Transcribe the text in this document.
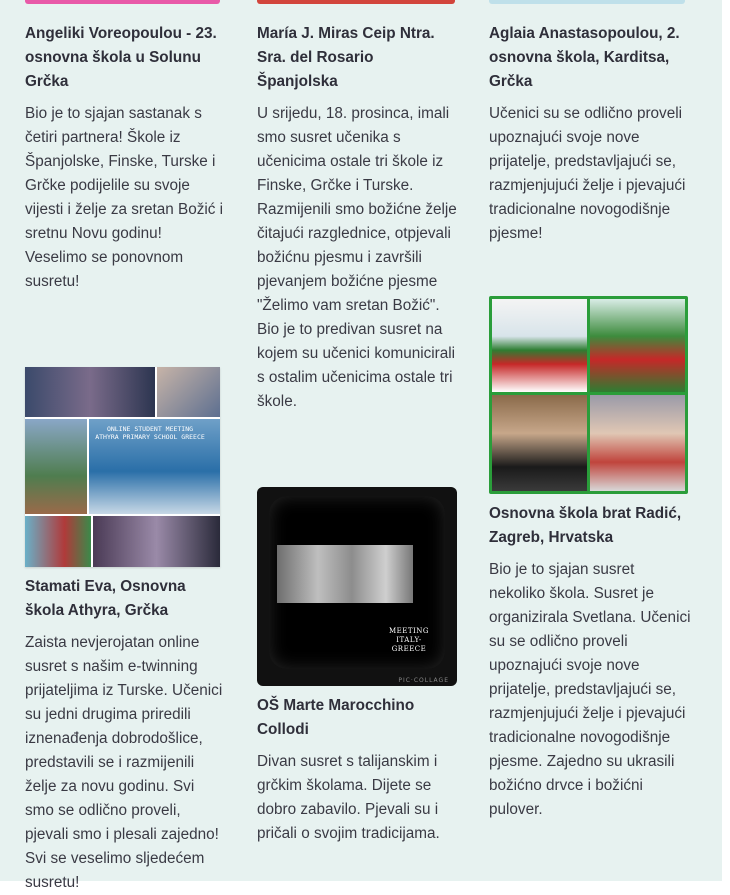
Angeliki Voreopoulou - 23. osnovna škola u Solunu Grčka

Bio je to sjajan sastanak s četiri partnera! Škole iz Španjolske, Finske, Turske i Grčke podijelile su svoje vijesti i želje za sretan Božić i sretnu Novu godinu! Veselimo se ponovnom susretu!

ONLINE STUDENT MEETING ATHYRA PRIMARY SCHOOL GREECE
Stamati Eva, Osnovna škola Athyra, Grčka

Zaista nevjerojatan online susret s našim e-twinning prijateljima iz Turske. Učenici su jedni drugima priredili iznenađenja dobrodošlice, predstavili se i razmijenili želje za novu godinu. Svi smo se odlično proveli, pjevali smo i plesali zajedno! Svi se veselimo sljedećem susretu!

María J. Miras Ceip Ntra. Sra. del Rosario Španjolska

U srijedu, 18. prosinca, imali smo susret učenika s učenicima ostale tri škole iz Finske, Grčke i Turske. Razmijenili smo božićne želje čitajući razglednice, otpjevali božićnu pjesmu i završili pjevanjem božićne pjesme "Želimo vam sretan Božić". Bio je to predivan susret na kojem su učenici komunicirali s ostalim učenicima ostale tri škole.

MEETING ITALY-GREECE
PIC·COLLAGE
OŠ Marte Marocchino Collodi

Divan susret s talijanskim i grčkim školama. Dijete se dobro zabavilo. Pjevali su i pričali o svojim tradicijama.

Aglaia Anastasopoulou, 2. osnovna škola, Karditsa, Grčka

Učenici su se odlično proveli upoznajući svoje nove prijatelje, predstavljajući se, razmjenjujući želje i pjevajući tradicionalne novogodišnje pjesme!

Osnovna škola brat Radić, Zagreb, Hrvatska

Bio je to sjajan susret nekoliko škola. Susret je organizirala Svetlana. Učenici su se odlično proveli upoznajući svoje nove prijatelje, predstavljajući se, razmjenjujući želje i pjevajući tradicionalne novogodišnje pjesme. Zajedno su ukrasili božićno drvce i božićni pulover.
